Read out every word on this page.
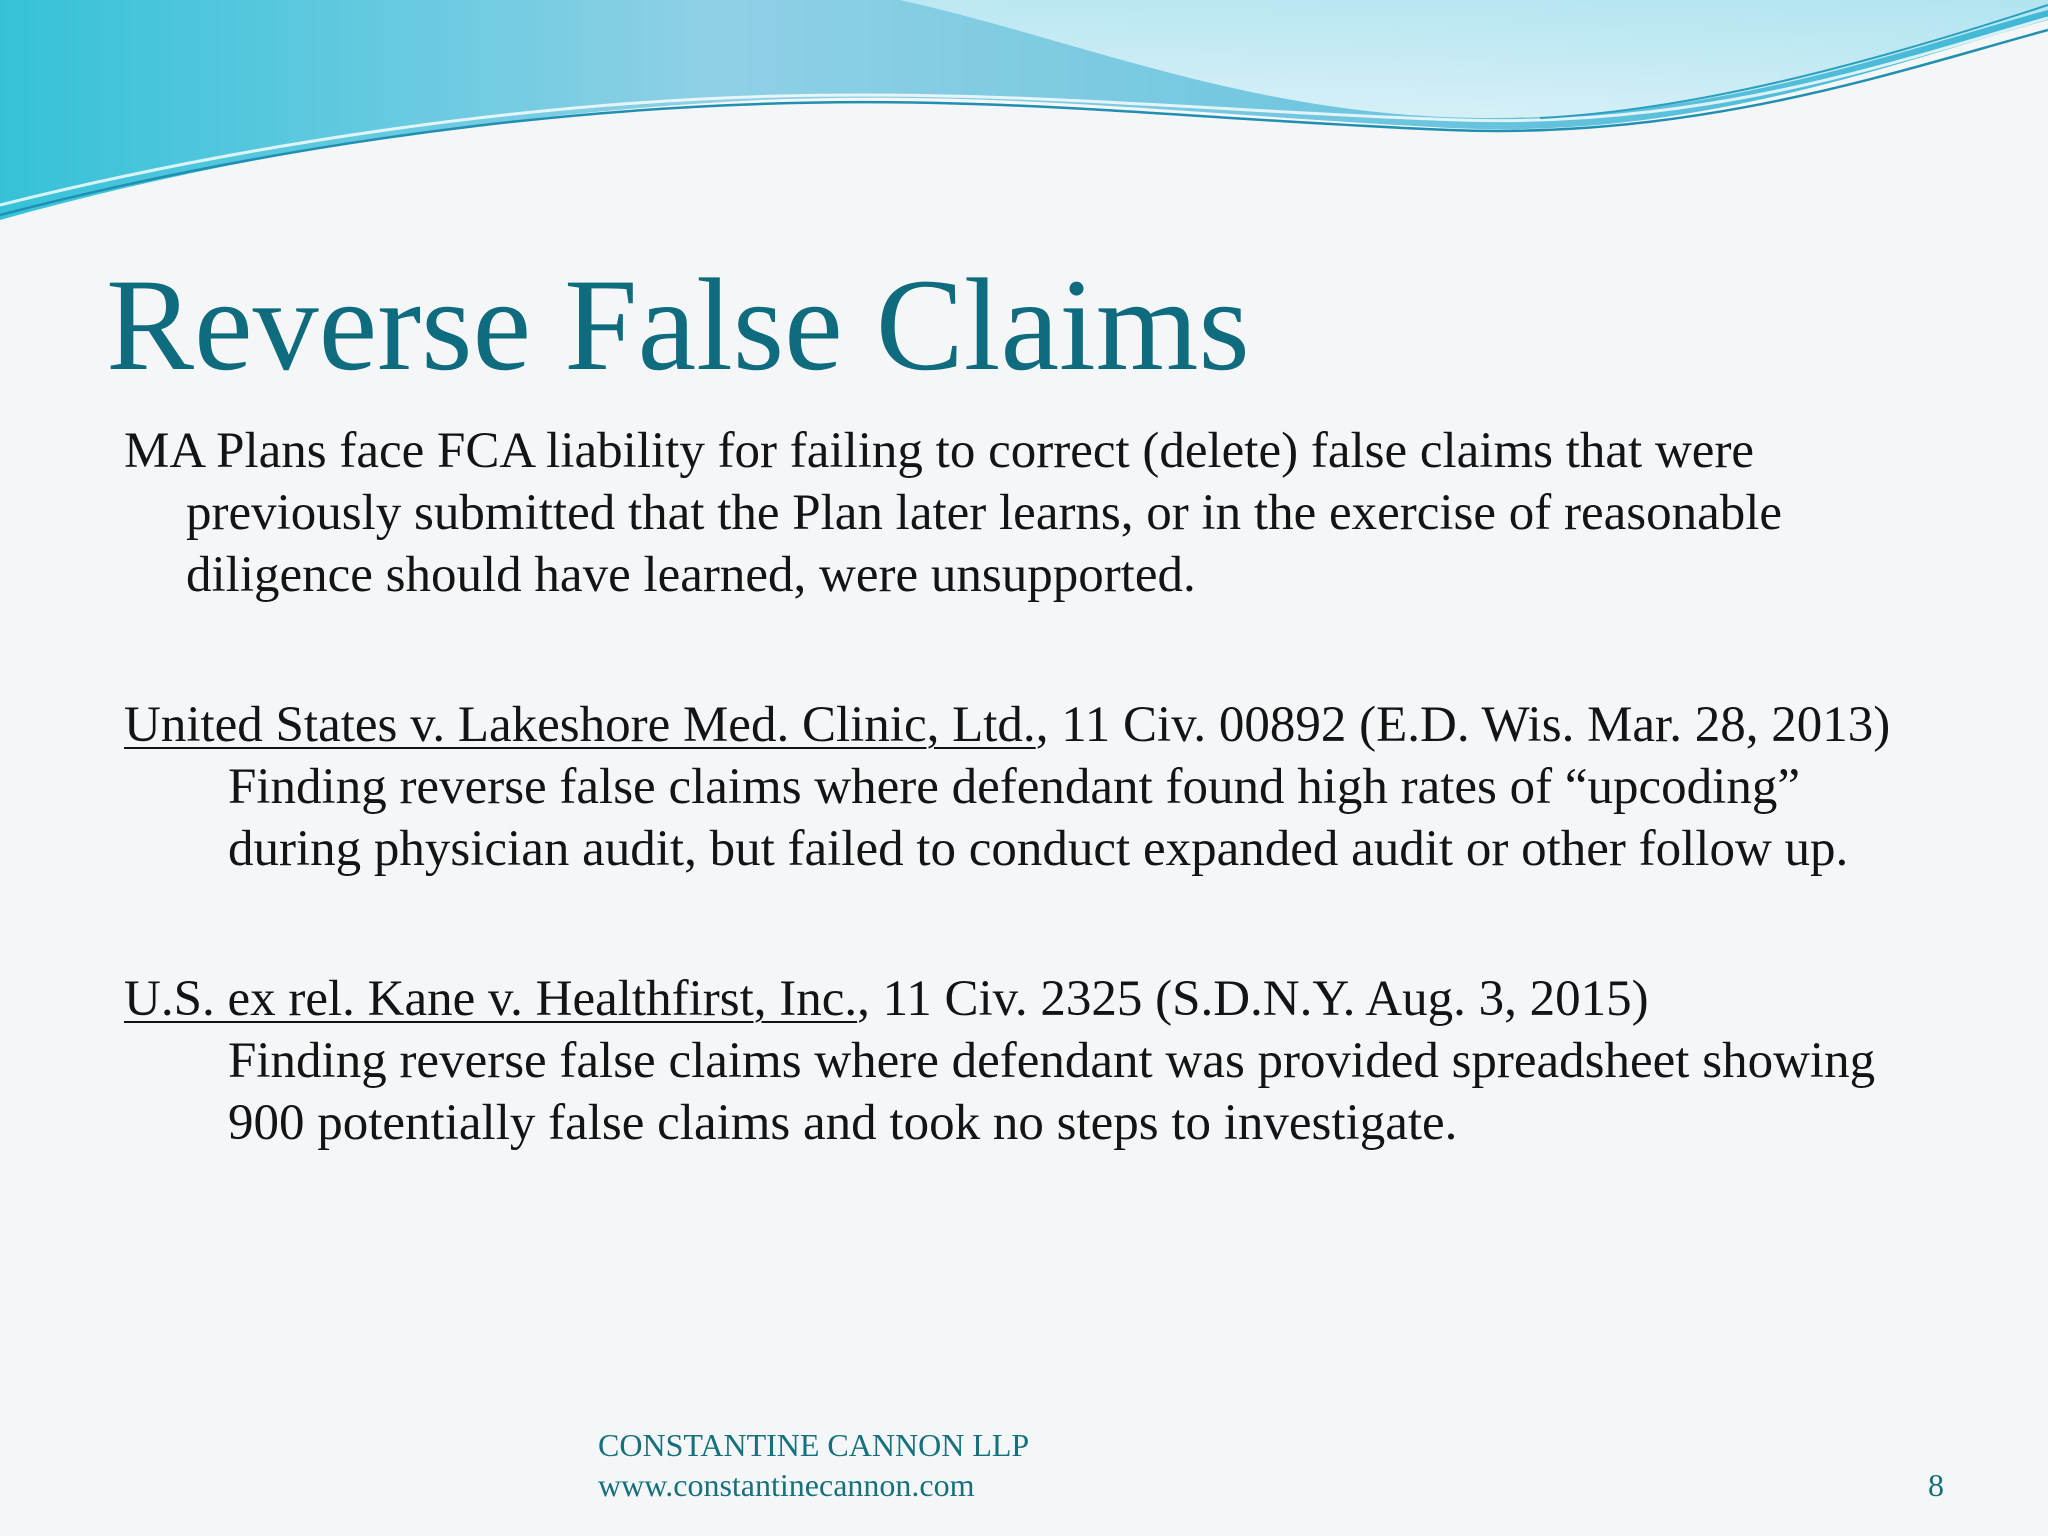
Reverse False Claims

MA Plans face FCA liability for failing to correct (delete) false claims that were previously submitted that the Plan later learns, or in the exercise of reasonable diligence should have learned, were unsupported.

United States v. Lakeshore Med. Clinic, Ltd., 11 Civ. 00892 (E.D. Wis. Mar. 28, 2013)

Finding reverse false claims where defendant found high rates of “upcoding” during physician audit, but failed to conduct expanded audit or other follow up.

U.S. ex rel. Kane v. Healthfirst, Inc., 11 Civ. 2325 (S.D.N.Y. Aug. 3, 2015)

Finding reverse false claims where defendant was provided spreadsheet showing 900 potentially false claims and took no steps to investigate.

CONSTANTINE CANNON LLP
www.constantinecannon.com	8
